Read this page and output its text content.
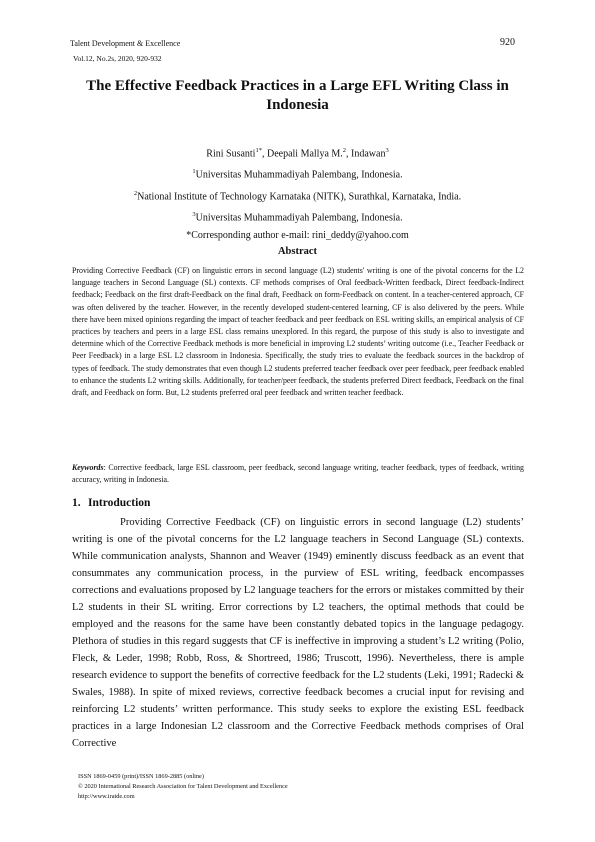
Talent Development & Excellence	920
Vol.12, No.2s, 2020, 920-932
The Effective Feedback Practices in a Large EFL Writing Class in Indonesia
Rini Susanti$^{1*}$, Deepali Mallya M.$^2$, Indawan$^3$
$^1$Universitas Muhammadiyah Palembang, Indonesia.
$^2$National Institute of Technology Karnataka (NITK), Surathkal, Karnataka, India.
$^3$Universitas Muhammadiyah Palembang, Indonesia.
*Corresponding author e-mail: rini_deddy@yahoo.com
Abstract

Providing Corrective Feedback (CF) on linguistic errors in second language (L2) students' writing is one of the pivotal concerns for the L2 language teachers in Second Language (SL) contexts. CF methods comprises of Oral feedback-Written feedback, Direct feedback-Indirect feedback; Feedback on the first draft-Feedback on the final draft, Feedback on form-Feedback on content. In a teacher-centered approach, CF was often delivered by the teacher. However, in the recently developed student-centered learning, CF is also delivered by the peers. While there have been mixed opinions regarding the impact of teacher feedback and peer feedback on ESL writing skills, an empirical analysis of CF practices by teachers and peers in a large ESL class remains unexplored. In this regard, the purpose of this study is also to investigate and determine which of the Corrective Feedback methods is more beneficial in improving L2 students’ writing outcome (i.e., Teacher Feedback or Peer Feedback) in a large ESL L2 classroom in Indonesia. Specifically, the study tries to evaluate the feedback sources in the backdrop of types of feedback. The study demonstrates that even though L2 students preferred teacher feedback over peer feedback, peer feedback enabled to enhance the students L2 writing skills. Additionally, for teacher/peer feedback, the students preferred Direct feedback, Feedback on the final draft, and Feedback on form. But, L2 students preferred oral peer feedback and written teacher feedback.

Keywords: Corrective feedback, large ESL classroom, peer feedback, second language writing, teacher feedback, types of feedback, writing accuracy, writing in Indonesia.

1. Introduction

Providing Corrective Feedback (CF) on linguistic errors in second language (L2) students’ writing is one of the pivotal concerns for the L2 language teachers in Second Language (SL) contexts. While communication analysts, Shannon and Weaver (1949) eminently discuss feedback as an event that consummates any communication process, in the purview of ESL writing, feedback encompasses corrections and evaluations proposed by L2 language teachers for the errors or mistakes committed by their L2 students in their SL writing. Error corrections by L2 teachers, the optimal methods that could be employed and the reasons for the same have been constantly debated topics in the language pedagogy. Plethora of studies in this regard suggests that CF is ineffective in improving a student’s L2 writing (Polio, Fleck, & Leder, 1998; Robb, Ross, & Shortreed, 1986; Truscott, 1996). Nevertheless, there is ample research evidence to support the benefits of corrective feedback for the L2 students (Leki, 1991; Radecki & Swales, 1988). In spite of mixed reviews, corrective feedback becomes a crucial input for revising and reinforcing L2 students’ written performance. This study seeks to explore the existing ESL feedback practices in a large Indonesian L2 classroom and the Corrective Feedback methods comprises of Oral Corrective

ISSN 1869-0459 (print)/ISSN 1869-2885 (online)
© 2020 International Research Association for Talent Development and Excellence
http://www.iratde.com
